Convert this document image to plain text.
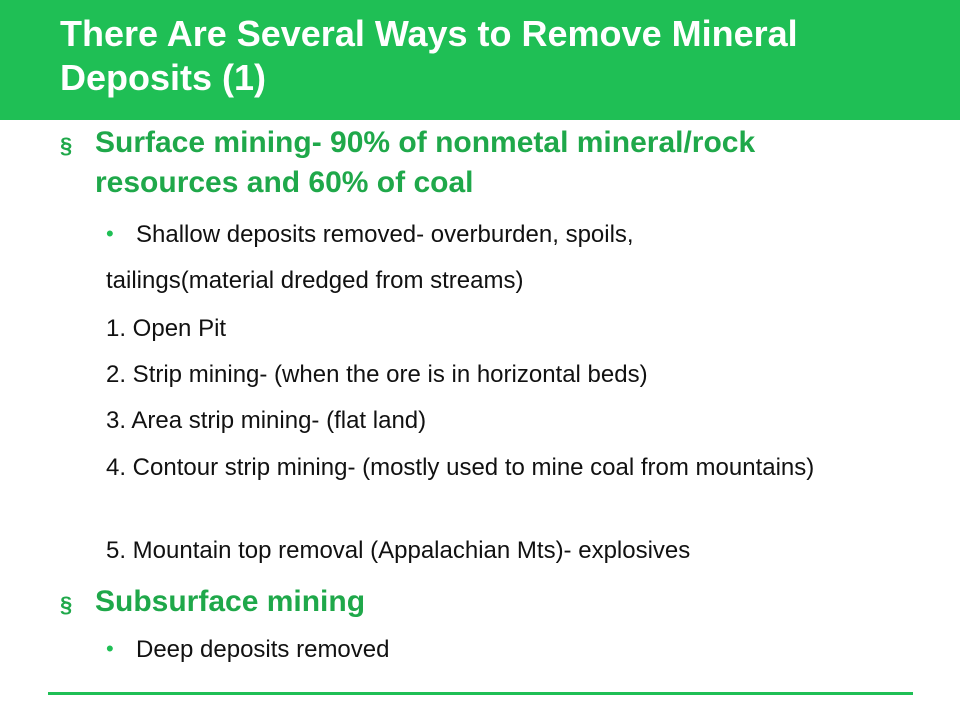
There Are Several Ways to Remove Mineral Deposits (1)
§ Surface mining- 90% of nonmetal mineral/rock resources and 60% of coal
• Shallow deposits removed- overburden, spoils,
tailings(material dredged from streams)
1. Open Pit
2. Strip mining- (when the ore is in horizontal beds)
3. Area strip mining- (flat land)
4. Contour strip mining- (mostly used to mine coal from mountains)
5. Mountain top removal (Appalachian Mts)- explosives
§ Subsurface mining
• Deep deposits removed
